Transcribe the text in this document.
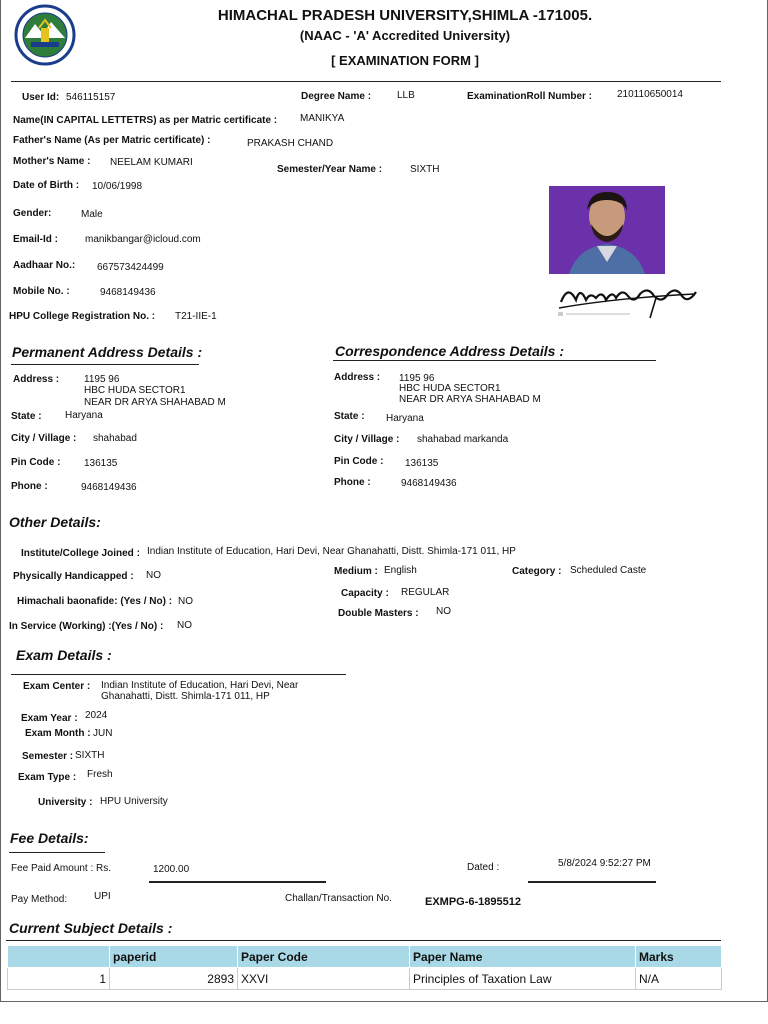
HIMACHAL PRADESH UNIVERSITY,SHIMLA -171005.
(NAAC - 'A' Accredited University)
[ EXAMINATION FORM ]
User Id: 546115157	Degree Name :	LLB	ExaminationRoll Number : 210110650014
Name(IN CAPITAL LETTETRS) as per Matric certificate : MANIKYA
Father's Name (As per Matric certificate) :	PRAKASH CHAND
Mother's Name : NEELAM KUMARI
Semester/Year Name :	SIXTH
Date of Birth : 10/06/1998
Gender:	Male
Email-Id :	manikbangar@icloud.com
Aadhaar No.: 667573424499
Mobile No. :	9468149436
HPU College Registration No. : T21-IIE-1
Permanent Address Details :
Address : 1195 96
HBC HUDA SECTOR1
NEAR DR ARYA SHAHABAD M
State : Haryana
City / Village : shahabad
Pin Code : 136135
Phone :	9468149436
Correspondence Address Details :
Address : 1195 96
HBC HUDA SECTOR1
NEAR DR ARYA SHAHABAD M
State : Haryana
City / Village : shahabad markanda
Pin Code : 136135
Phone :	9468149436
Other Details:
Institute/College Joined : Indian Institute of Education, Hari Devi, Near Ghanahatti, Distt. Shimla-171 011, HP
Physically Handicapped : NO	Medium : English	Category : Scheduled Caste
Himachali baonafide: (Yes / No) : NO
Capacity : REGULAR
Double Masters : NO
In Service (Working) :(Yes / No) : NO
Exam Details :
Exam Center : Indian Institute of Education, Hari Devi, Near
Ghanahatti, Distt. Shimla-171 011, HP
Exam Year : 2024
Exam Month : JUN
Semester : SIXTH
Exam Type : Fresh
University : HPU University
Fee Details:
Fee Paid Amount : Rs.	1200.00	Dated :	5/8/2024 9:52:27 PM
Pay Method:	UPI	Challan/Transaction No.	EXMPG-6-1895512
Current Subject Details :
	paperid	Paper Code	Paper Name	Marks
1	2893	XXVI	Principles of Taxation Law	N/A
